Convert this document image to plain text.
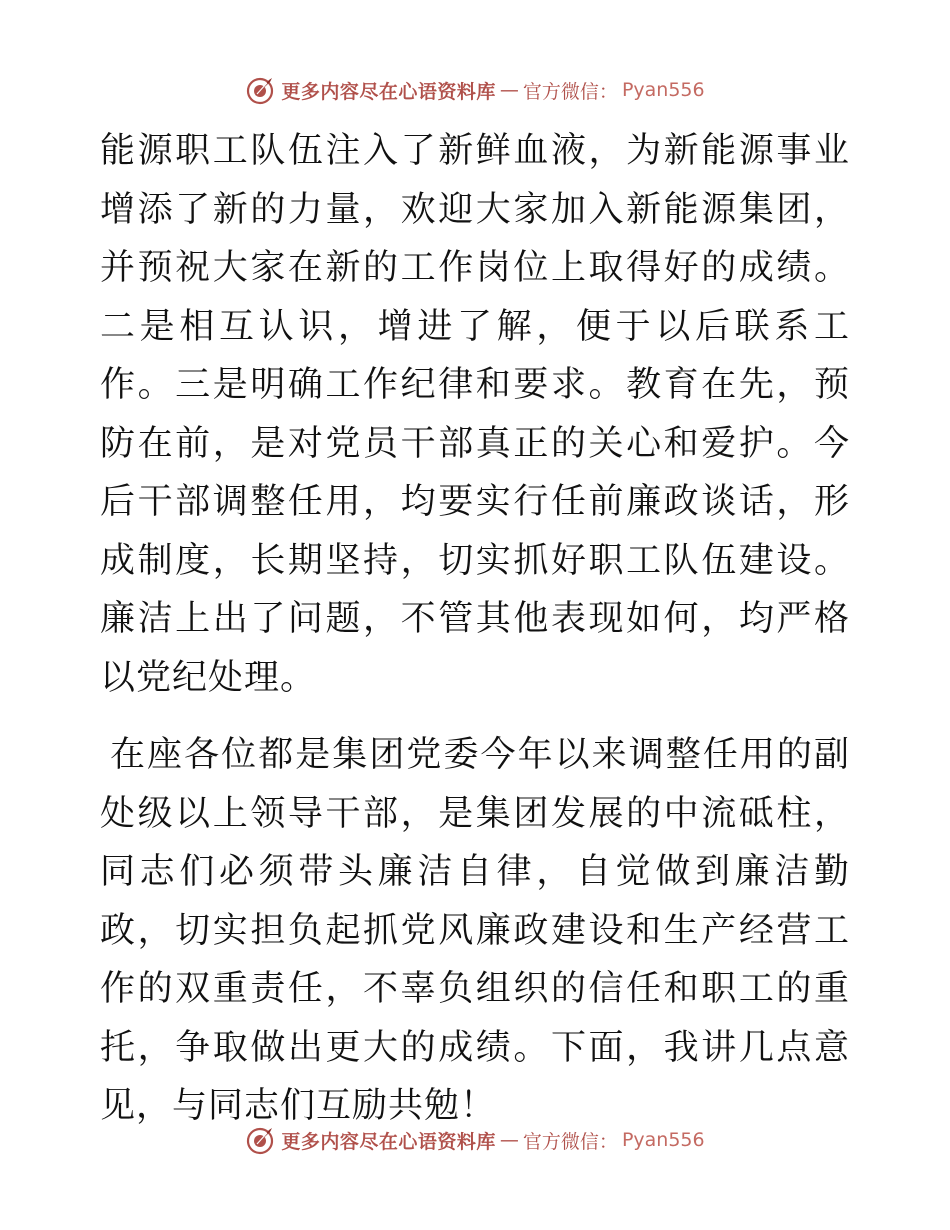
更多内容尽在心语资料库 — 官方微信： Pyan556

能源职工队伍注入了新鲜血液，为新能源事业增添了新的力量，欢迎大家加入新能源集团，并预祝大家在新的工作岗位上取得好的成绩。二是相互认识，增进了解，便于以后联系工作。三是明确工作纪律和要求。教育在先，预防在前，是对党员干部真正的关心和爱护。今后干部调整任用，均要实行任前廉政谈话，形成制度，长期坚持，切实抓好职工队伍建设。廉洁上出了问题，不管其他表现如何，均严格以党纪处理。

在座各位都是集团党委今年以来调整任用的副处级以上领导干部，是集团发展的中流砥柱，同志们必须带头廉洁自律，自觉做到廉洁勤政，切实担负起抓党风廉政建设和生产经营工作的双重责任，不辜负组织的信任和职工的重托，争取做出更大的成绩。下面，我讲几点意见，与同志们互励共勉！

更多内容尽在心语资料库 — 官方微信： Pyan556
